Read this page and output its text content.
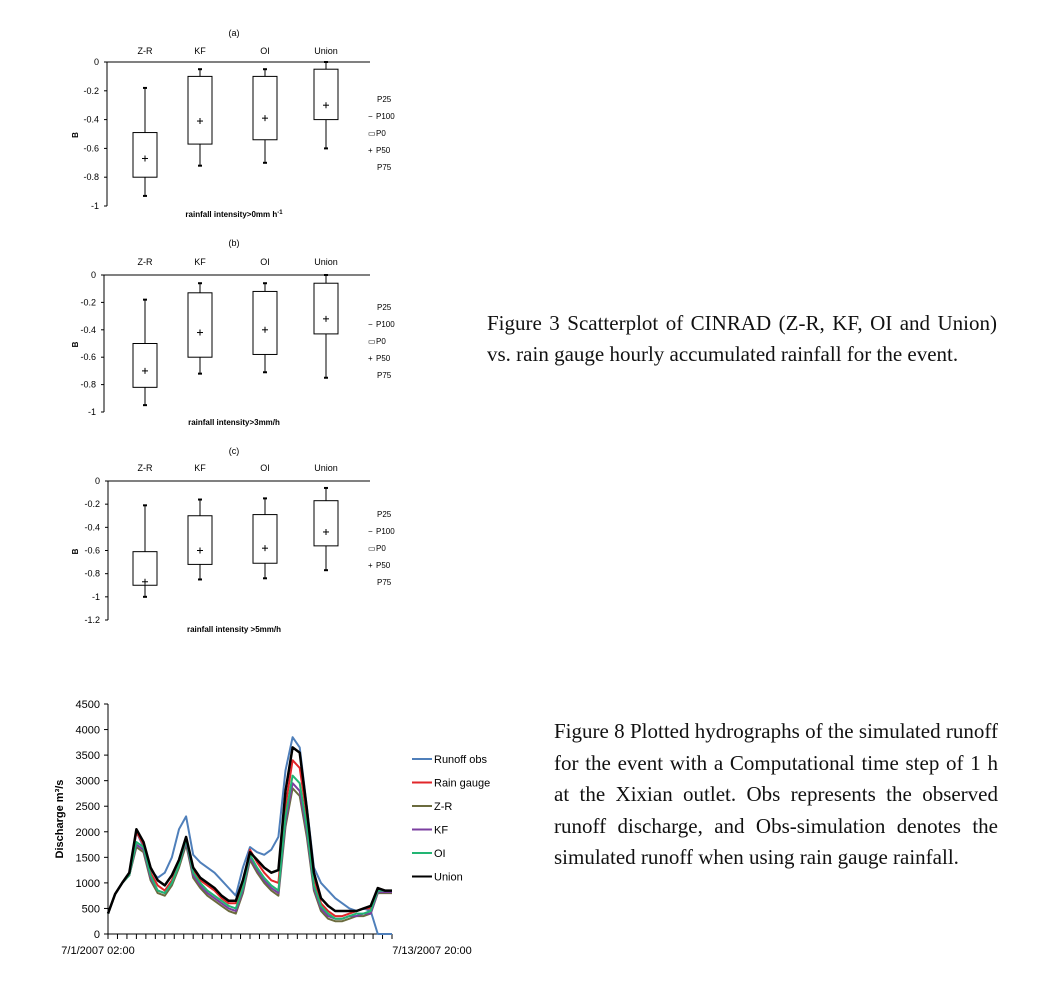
(a)
0
-0.2
-0.4
-0.6
-0.8
-1
B
Z-R	KF	OI	Union
rainfall intensity>0mm $h^{-1}$
P25
− P100
▭ P0
+ P50
P75
(b)
0
-0.2
-0.4
-0.6
-0.8
-1
B
Z-R	KF	OI	Union
rainfall intensity>3mm/h
P25
− P100
▭ P0
+ P50
P75
(c)
0
-0.2
-0.4
-0.6
-0.8
-1
-1.2
B
Z-R	KF	OI	Union
rainfall intensity >5mm/h
P25
− P100
▭ P0
+ P50
P75
Figure 3 Scatterplot of CINRAD (Z-R, KF, OI and Union) vs. rain gauge hourly accumulated rainfall for the event.
0
500
1000
1500
2000
2500
3000
3500
4000
4500
7/1/2007 02:00	7/13/2007 20:00
Discharge m³/s
Runoff obs
Rain gauge
Z-R
KF
OI
Union
Figure 8 Plotted hydrographs of the simulated runoff for the event with a Computational time step of 1 h at the Xixian outlet. Obs represents the observed runoff discharge, and Obs-simulation denotes the simulated runoff when using rain gauge rainfall.
